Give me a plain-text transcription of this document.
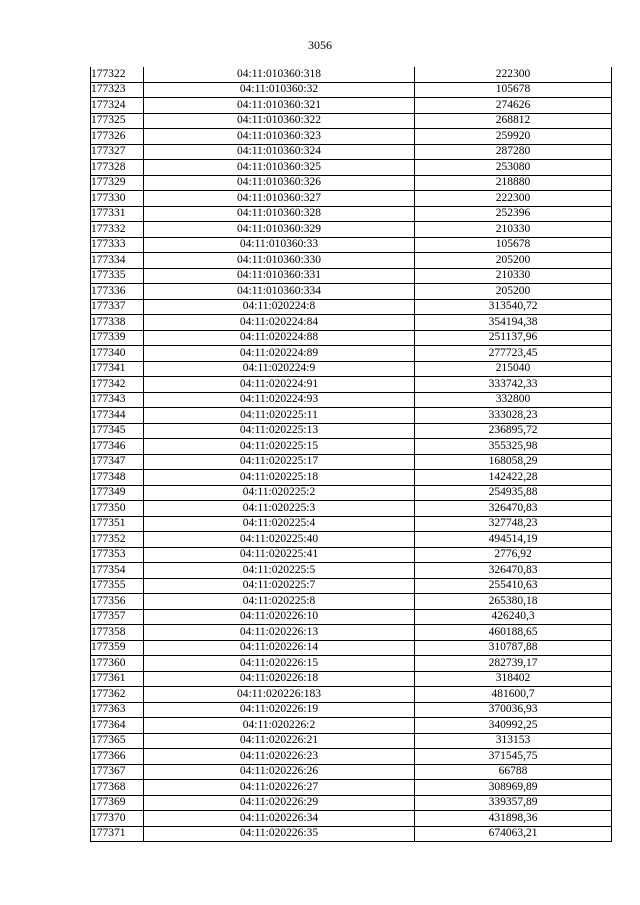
3056
177322	04:11:010360:318	222300
177323	04:11:010360:32	105678
177324	04:11:010360:321	274626
177325	04:11:010360:322	268812
177326	04:11:010360:323	259920
177327	04:11:010360:324	287280
177328	04:11:010360:325	253080
177329	04:11:010360:326	218880
177330	04:11:010360:327	222300
177331	04:11:010360:328	252396
177332	04:11:010360:329	210330
177333	04:11:010360:33	105678
177334	04:11:010360:330	205200
177335	04:11:010360:331	210330
177336	04:11:010360:334	205200
177337	04:11:020224:8	313540,72
177338	04:11:020224:84	354194,38
177339	04:11:020224:88	251137,96
177340	04:11:020224:89	277723,45
177341	04:11:020224:9	215040
177342	04:11:020224:91	333742,33
177343	04:11:020224:93	332800
177344	04:11:020225:11	333028,23
177345	04:11:020225:13	236895,72
177346	04:11:020225:15	355325,98
177347	04:11:020225:17	168058,29
177348	04:11:020225:18	142422,28
177349	04:11:020225:2	254935,88
177350	04:11:020225:3	326470,83
177351	04:11:020225:4	327748,23
177352	04:11:020225:40	494514,19
177353	04:11:020225:41	2776,92
177354	04:11:020225:5	326470,83
177355	04:11:020225:7	255410,63
177356	04:11:020225:8	265380,18
177357	04:11:020226:10	426240,3
177358	04:11:020226:13	460188,65
177359	04:11:020226:14	310787,88
177360	04:11:020226:15	282739,17
177361	04:11:020226:18	318402
177362	04:11:020226:183	481600,7
177363	04:11:020226:19	370036,93
177364	04:11:020226:2	340992,25
177365	04:11:020226:21	313153
177366	04:11:020226:23	371545,75
177367	04:11:020226:26	66788
177368	04:11:020226:27	308969,89
177369	04:11:020226:29	339357,89
177370	04:11:020226:34	431898,36
177371	04:11:020226:35	674063,21
